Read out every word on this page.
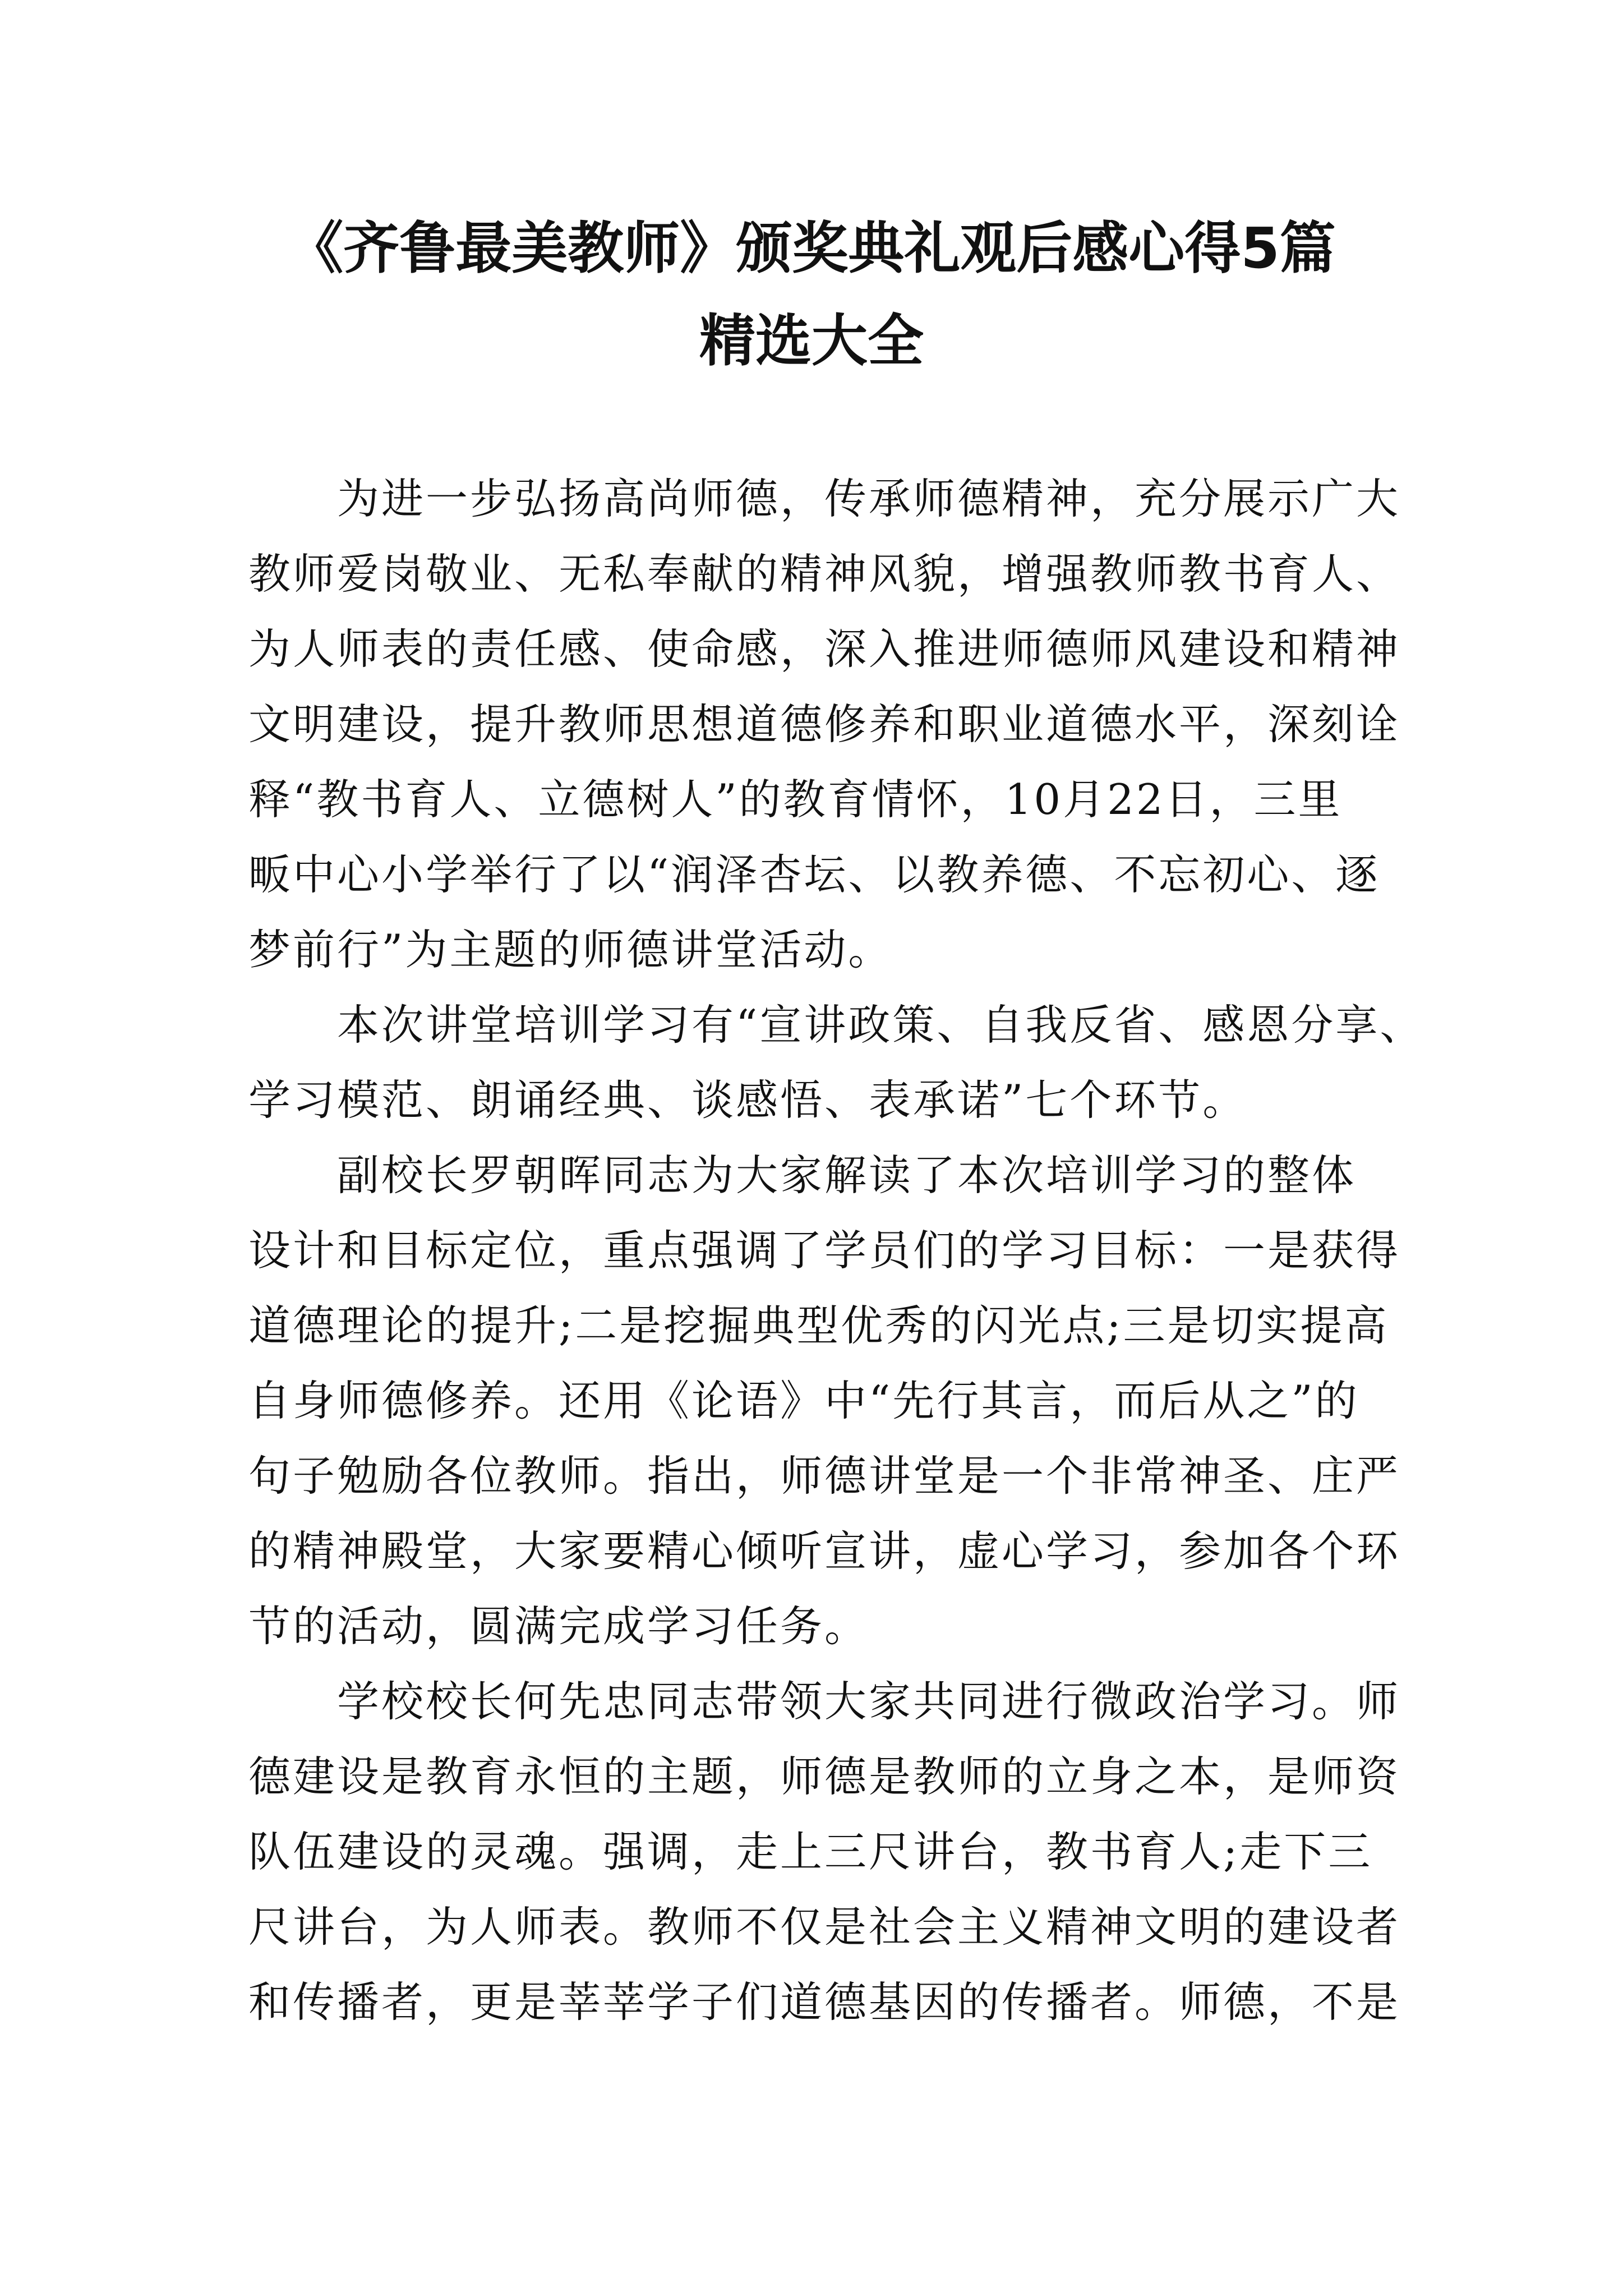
《齐鲁最美教师》颁奖典礼观后感心得5篇
精选大全
为进一步弘扬高尚师德，传承师德精神，充分展示广大
教师爱岗敬业、无私奉献的精神风貌，增强教师教书育人、
为人师表的责任感、使命感，深入推进师德师风建设和精神
文明建设，提升教师思想道德修养和职业道德水平，深刻诠
释“教书育人、立德树人”的教育情怀，10月22日，三里
畈中心小学举行了以“润泽杏坛、以教养德、不忘初心、逐
梦前行”为主题的师德讲堂活动。
本次讲堂培训学习有“宣讲政策、自我反省、感恩分享、
学习模范、朗诵经典、谈感悟、表承诺”七个环节。
副校长罗朝晖同志为大家解读了本次培训学习的整体
设计和目标定位，重点强调了学员们的学习目标：一是获得
道德理论的提升;二是挖掘典型优秀的闪光点;三是切实提高
自身师德修养。还用《论语》中“先行其言，而后从之”的
句子勉励各位教师。指出，师德讲堂是一个非常神圣、庄严
的精神殿堂，大家要精心倾听宣讲，虚心学习，参加各个环
节的活动，圆满完成学习任务。
学校校长何先忠同志带领大家共同进行微政治学习。师
德建设是教育永恒的主题，师德是教师的立身之本，是师资
队伍建设的灵魂。强调，走上三尺讲台，教书育人;走下三
尺讲台，为人师表。教师不仅是社会主义精神文明的建设者
和传播者，更是莘莘学子们道德基因的传播者。师德，不是
